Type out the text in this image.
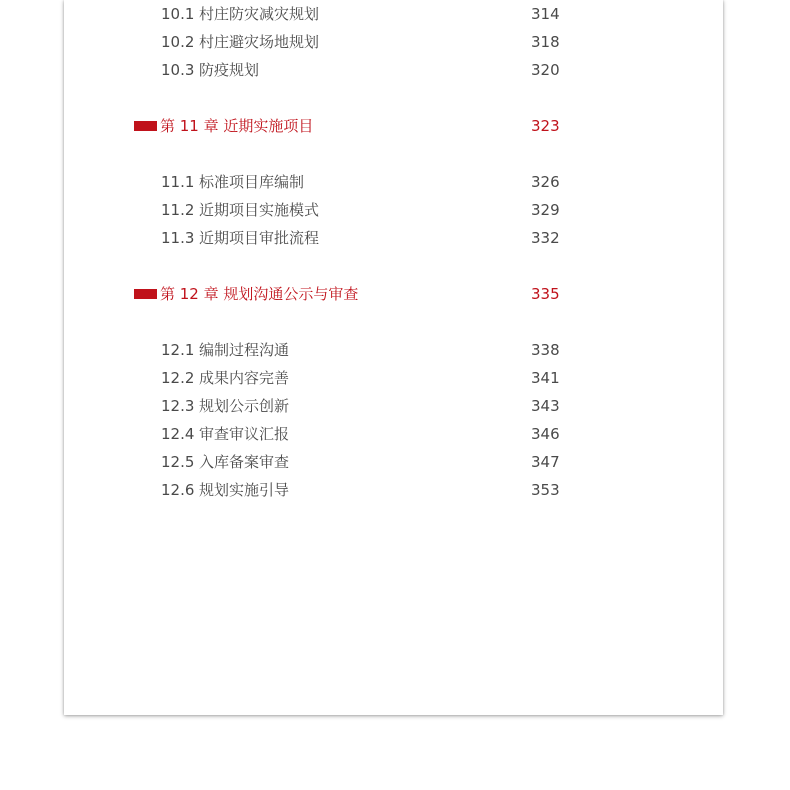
10.1 村庄防灾减灾规划	314
10.2 村庄避灾场地规划	318
10.3 防疫规划	320
第 11 章 近期实施项目	323
11.1 标准项目库编制	326
11.2 近期项目实施模式	329
11.3 近期项目审批流程	332
第 12 章 规划沟通公示与审查	335
12.1 编制过程沟通	338
12.2 成果内容完善	341
12.3 规划公示创新	343
12.4 审查审议汇报	346
12.5 入库备案审查	347
12.6 规划实施引导	353
